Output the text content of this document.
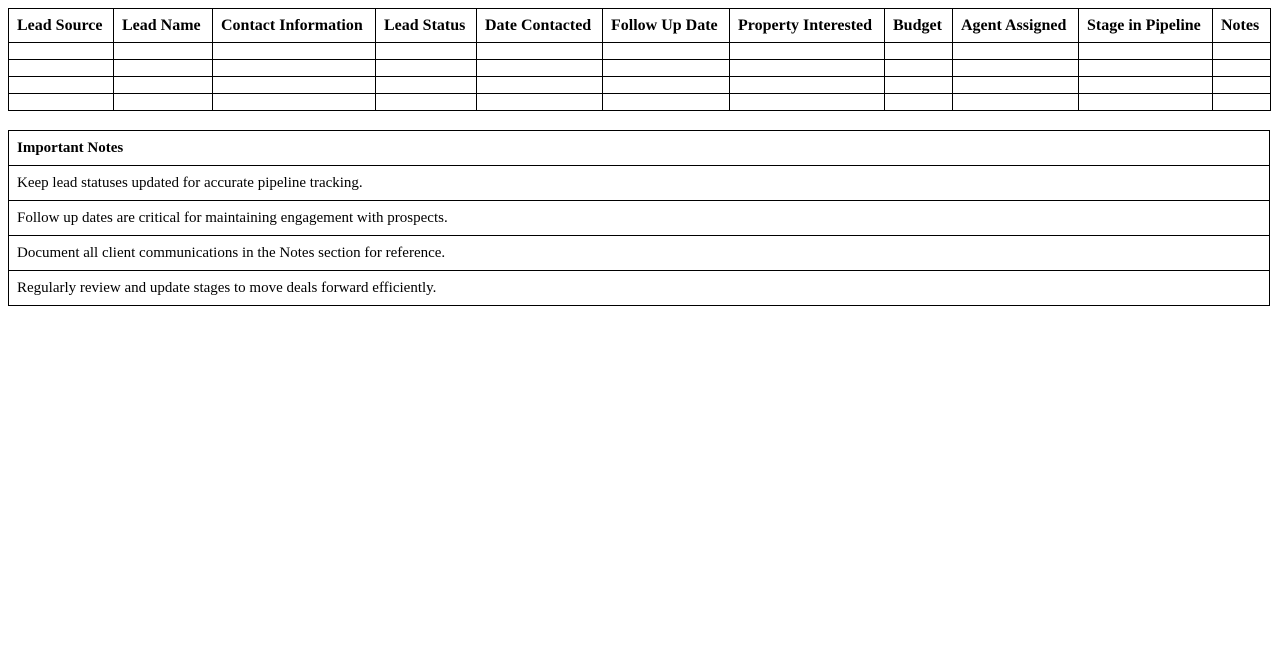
Lead Source	Lead Name	Contact Information	Lead Status	Date Contacted	Follow Up Date	Property Interested	Budget	Agent Assigned	Stage in Pipeline	Notes

Important Notes
Keep lead statuses updated for accurate pipeline tracking.
Follow up dates are critical for maintaining engagement with prospects.
Document all client communications in the Notes section for reference.
Regularly review and update stages to move deals forward efficiently.
